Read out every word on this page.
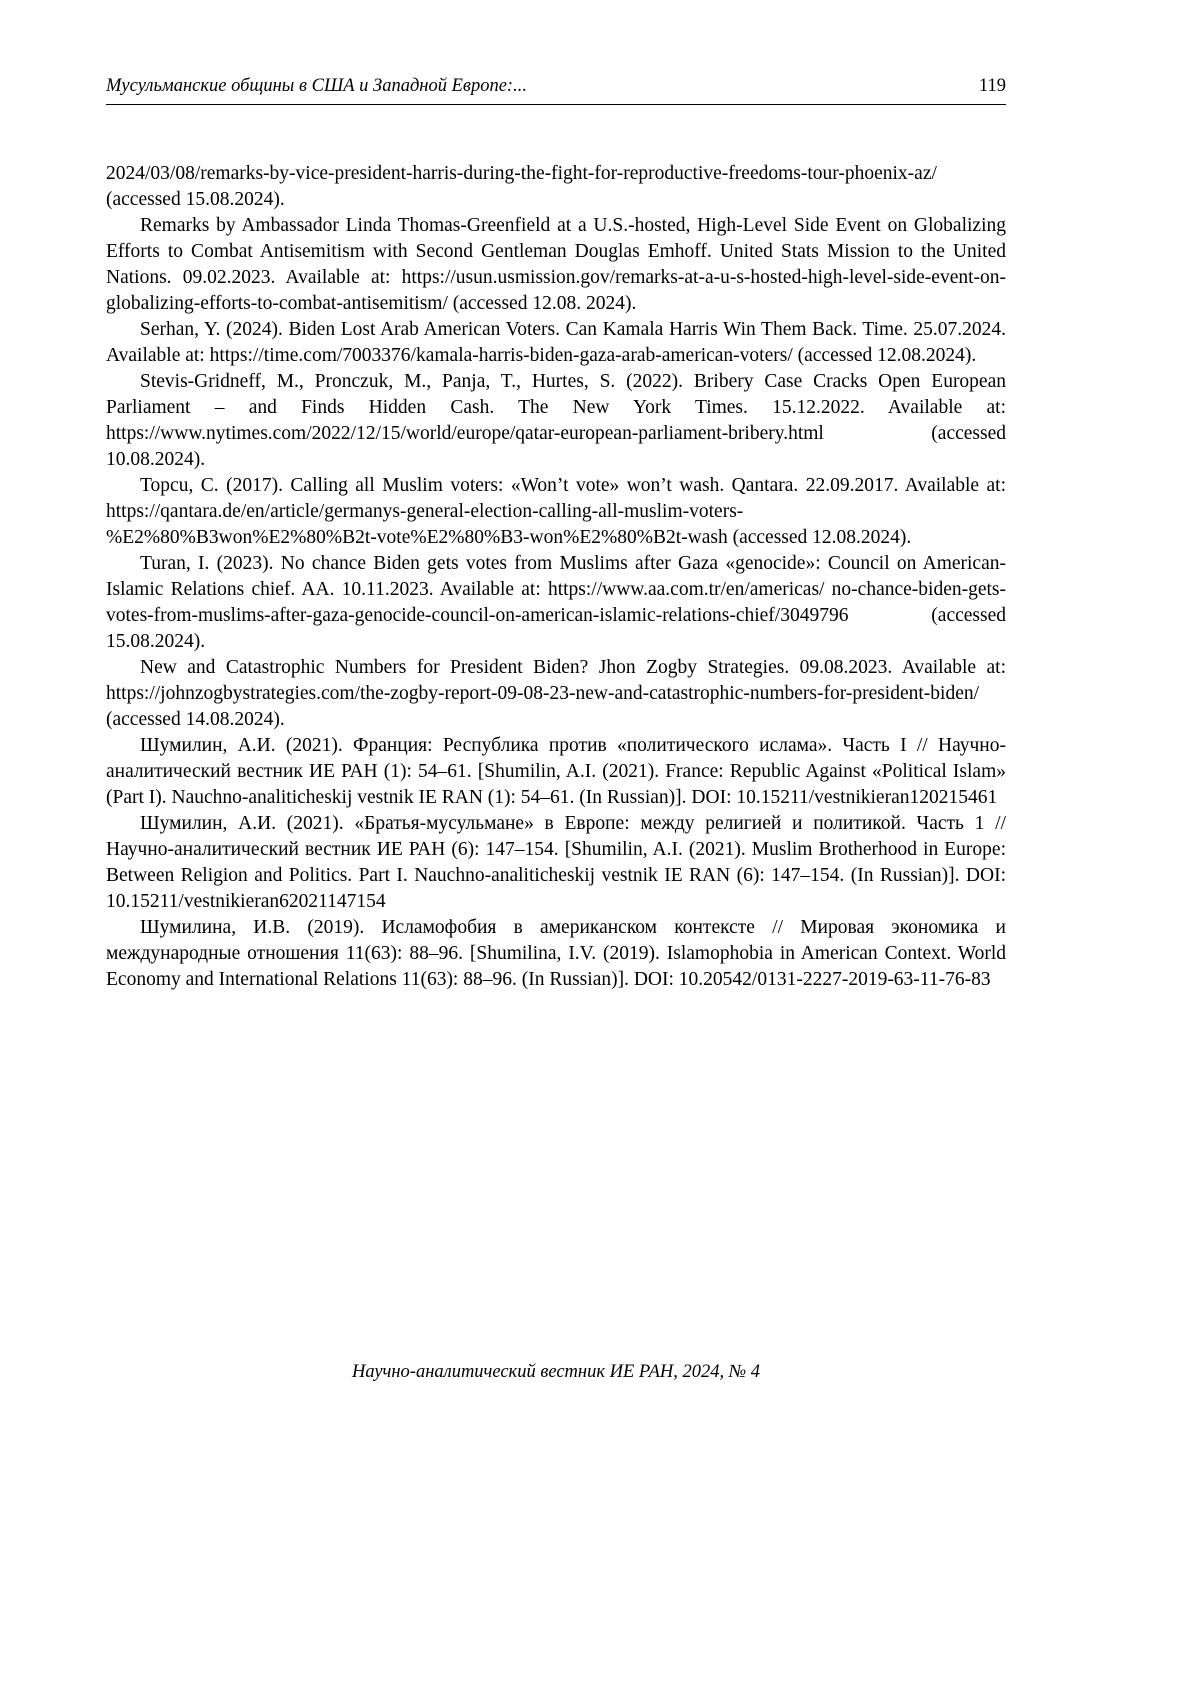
Мусульманские общины в США и Западной Европе:...	119

2024/03/08/remarks-by-vice-president-harris-during-the-fight-for-reproductive-freedoms-tour-phoenix-az/ (accessed 15.08.2024).

Remarks by Ambassador Linda Thomas-Greenfield at a U.S.-hosted, High-Level Side Event on Globalizing Efforts to Combat Antisemitism with Second Gentleman Douglas Emhoff. United Stats Mission to the United Nations. 09.02.2023. Available at: https://usun.usmission.gov/remarks-at-a-u-s-hosted-high-level-side-event-on-globalizing-efforts-to-combat-antisemitism/ (accessed 12.08. 2024).

Serhan, Y. (2024). Biden Lost Arab American Voters. Can Kamala Harris Win Them Back. Time. 25.07.2024. Available at: https://time.com/7003376/kamala-harris-biden-gaza-arab-american-voters/ (accessed 12.08.2024).

Stevis-Gridneff, M., Pronczuk, M., Panja, T., Hurtes, S. (2022). Bribery Case Cracks Open European Parliament – and Finds Hidden Cash. The New York Times. 15.12.2022. Available at: https://www.nytimes.com/2022/12/15/world/europe/qatar-european-parliament-bribery.html (accessed 10.08.2024).

Topcu, C. (2017). Calling all Muslim voters: «Won’t vote» won’t wash. Qantara. 22.09.2017. Available at: https://qantara.de/en/article/germanys-general-election-calling-all-muslim-voters-%E2%80%B3won%E2%80%B2t-vote%E2%80%B3-won%E2%80%B2t-wash (accessed 12.08.2024).

Turan, I. (2023). No chance Biden gets votes from Muslims after Gaza «genocide»: Council on American-Islamic Relations chief. AA. 10.11.2023. Available at: https://www.aa.com.tr/en/americas/ no-chance-biden-gets-votes-from-muslims-after-gaza-genocide-council-on-american-islamic-relations-chief/3049796 (accessed 15.08.2024).

New and Catastrophic Numbers for President Biden? Jhon Zogby Strategies. 09.08.2023. Available at: https://johnzogbystrategies.com/the-zogby-report-09-08-23-new-and-catastrophic-numbers-for-president-biden/ (accessed 14.08.2024).

Шумилин, А.И. (2021). Франция: Республика против «политического ислама». Часть I // Научно-аналитический вестник ИЕ РАН (1): 54–61. [Shumilin, A.I. (2021). France: Republic Against «Political Islam» (Part I). Nauchno-analiticheskij vestnik IE RAN (1): 54–61. (In Russian)]. DOI: 10.15211/vestnikieran120215461

Шумилин, А.И. (2021). «Братья-мусульмане» в Европе: между религией и политикой. Часть 1 // Научно-аналитический вестник ИЕ РАН (6): 147–154. [Shumilin, A.I. (2021). Muslim Brotherhood in Europe: Between Religion and Politics. Part I. Nauchno-analiticheskij vestnik IE RAN (6): 147–154. (In Russian)]. DOI: 10.15211/vestnikieran62021147154

Шумилина, И.В. (2019). Исламофобия в американском контексте // Мировая экономика и международные отношения 11(63): 88–96. [Shumilina, I.V. (2019). Islamophobia in American Context. World Economy and International Relations 11(63): 88–96. (In Russian)]. DOI: 10.20542/0131-2227-2019-63-11-76-83

Научно-аналитический вестник ИЕ РАН, 2024, № 4
